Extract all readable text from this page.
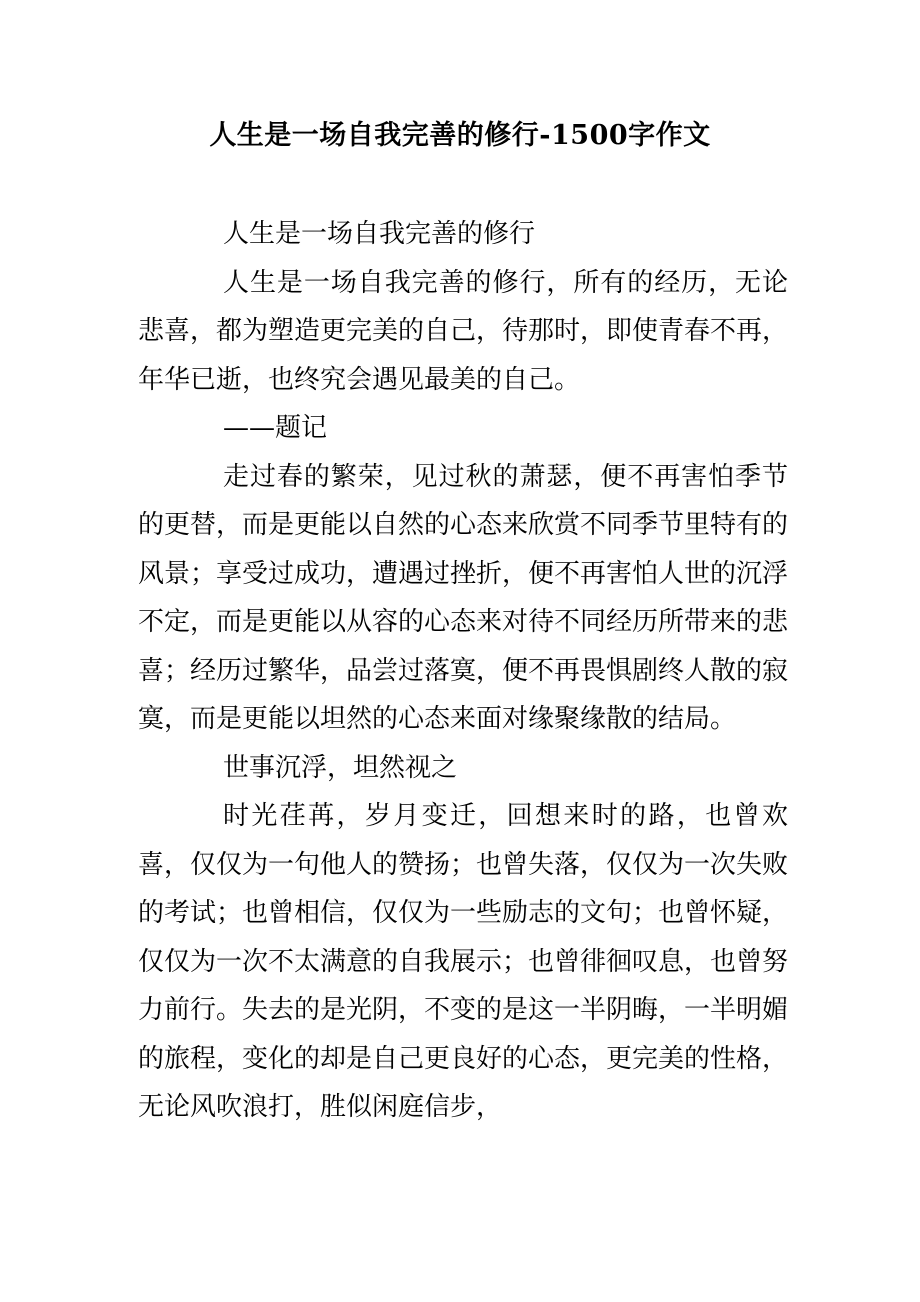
人生是一场自我完善的修行-1500字作文

人生是一场自我完善的修行

人生是一场自我完善的修行，所有的经历，无论悲喜，都为塑造更完美的自己，待那时，即使青春不再，年华已逝，也终究会遇见最美的自己。

——题记

走过春的繁荣，见过秋的萧瑟，便不再害怕季节的更替，而是更能以自然的心态来欣赏不同季节里特有的风景；享受过成功，遭遇过挫折，便不再害怕人世的沉浮不定，而是更能以从容的心态来对待不同经历所带来的悲喜；经历过繁华，品尝过落寞，便不再畏惧剧终人散的寂寞，而是更能以坦然的心态来面对缘聚缘散的结局。

世事沉浮，坦然视之

时光荏苒，岁月变迁，回想来时的路，也曾欢喜，仅仅为一句他人的赞扬；也曾失落，仅仅为一次失败的考试；也曾相信，仅仅为一些励志的文句；也曾怀疑，仅仅为一次不太满意的自我展示；也曾徘徊叹息，也曾努力前行。失去的是光阴，不变的是这一半阴晦，一半明媚的旅程，变化的却是自己更良好的心态，更完美的性格，无论风吹浪打，胜似闲庭信步，
